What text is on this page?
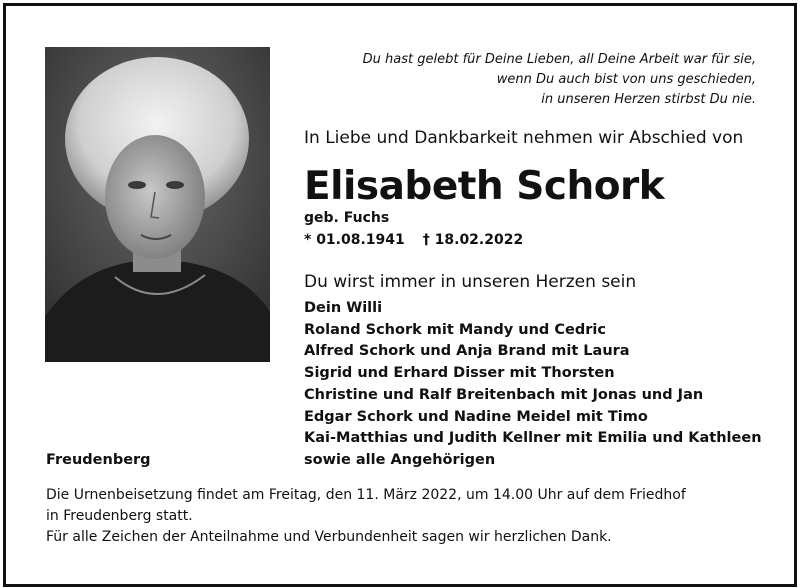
Du hast gelebt für Deine Lieben, all Deine Arbeit war für sie,
wenn Du auch bist von uns geschieden,
in unseren Herzen stirbst Du nie.
In Liebe und Dankbarkeit nehmen wir Abschied von
Elisabeth Schork
geb. Fuchs
* 01.08.1941 † 18.02.2022
Du wirst immer in unseren Herzen sein
Dein Willi
Roland Schork mit Mandy und Cedric
Alfred Schork und Anja Brand mit Laura
Sigrid und Erhard Disser mit Thorsten
Christine und Ralf Breitenbach mit Jonas und Jan
Edgar Schork und Nadine Meidel mit Timo
Kai-Matthias und Judith Kellner mit Emilia und Kathleen
sowie alle Angehörigen
Freudenberg
Die Urnenbeisetzung findet am Freitag, den 11. März 2022, um 14.00 Uhr auf dem Friedhof
in Freudenberg statt.
Für alle Zeichen der Anteilnahme und Verbundenheit sagen wir herzlichen Dank.
